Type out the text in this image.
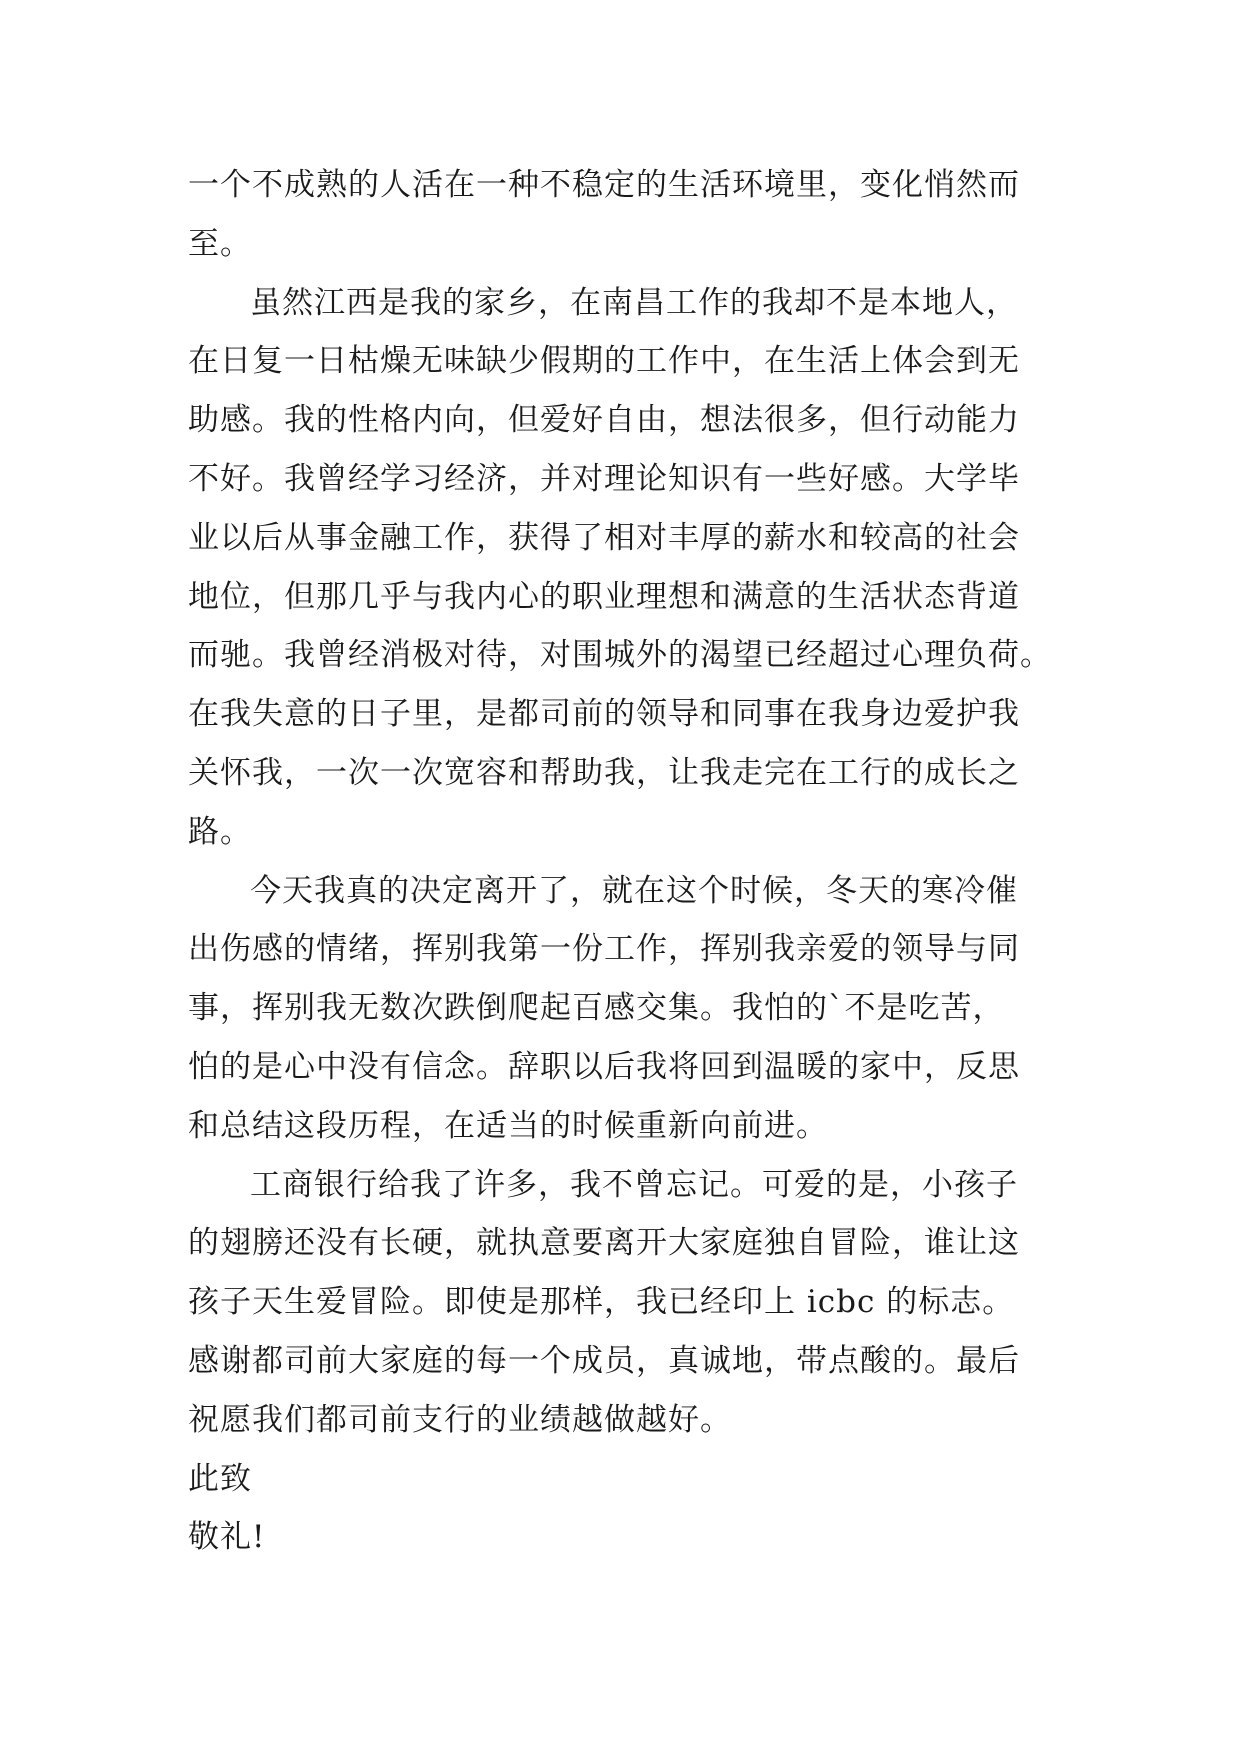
一个不成熟的人活在一种不稳定的生活环境里，变化悄然而
至。
虽然江西是我的家乡，在南昌工作的我却不是本地人，
在日复一日枯燥无味缺少假期的工作中，在生活上体会到无
助感。我的性格内向，但爱好自由，想法很多，但行动能力
不好。我曾经学习经济，并对理论知识有一些好感。大学毕
业以后从事金融工作，获得了相对丰厚的薪水和较高的社会
地位，但那几乎与我内心的职业理想和满意的生活状态背道
而驰。我曾经消极对待，对围城外的渴望已经超过心理负荷。
在我失意的日子里，是都司前的领导和同事在我身边爱护我
关怀我，一次一次宽容和帮助我，让我走完在工行的成长之
路。
今天我真的决定离开了，就在这个时候，冬天的寒冷催
出伤感的情绪，挥别我第一份工作，挥别我亲爱的领导与同
事，挥别我无数次跌倒爬起百感交集。我怕的`不是吃苦，
怕的是心中没有信念。辞职以后我将回到温暖的家中，反思
和总结这段历程，在适当的时候重新向前进。
工商银行给我了许多，我不曾忘记。可爱的是，小孩子
的翅膀还没有长硬，就执意要离开大家庭独自冒险，谁让这
孩子天生爱冒险。即使是那样，我已经印上 icbc 的标志。
感谢都司前大家庭的每一个成员，真诚地，带点酸的。最后
祝愿我们都司前支行的业绩越做越好。
此致
敬礼!
